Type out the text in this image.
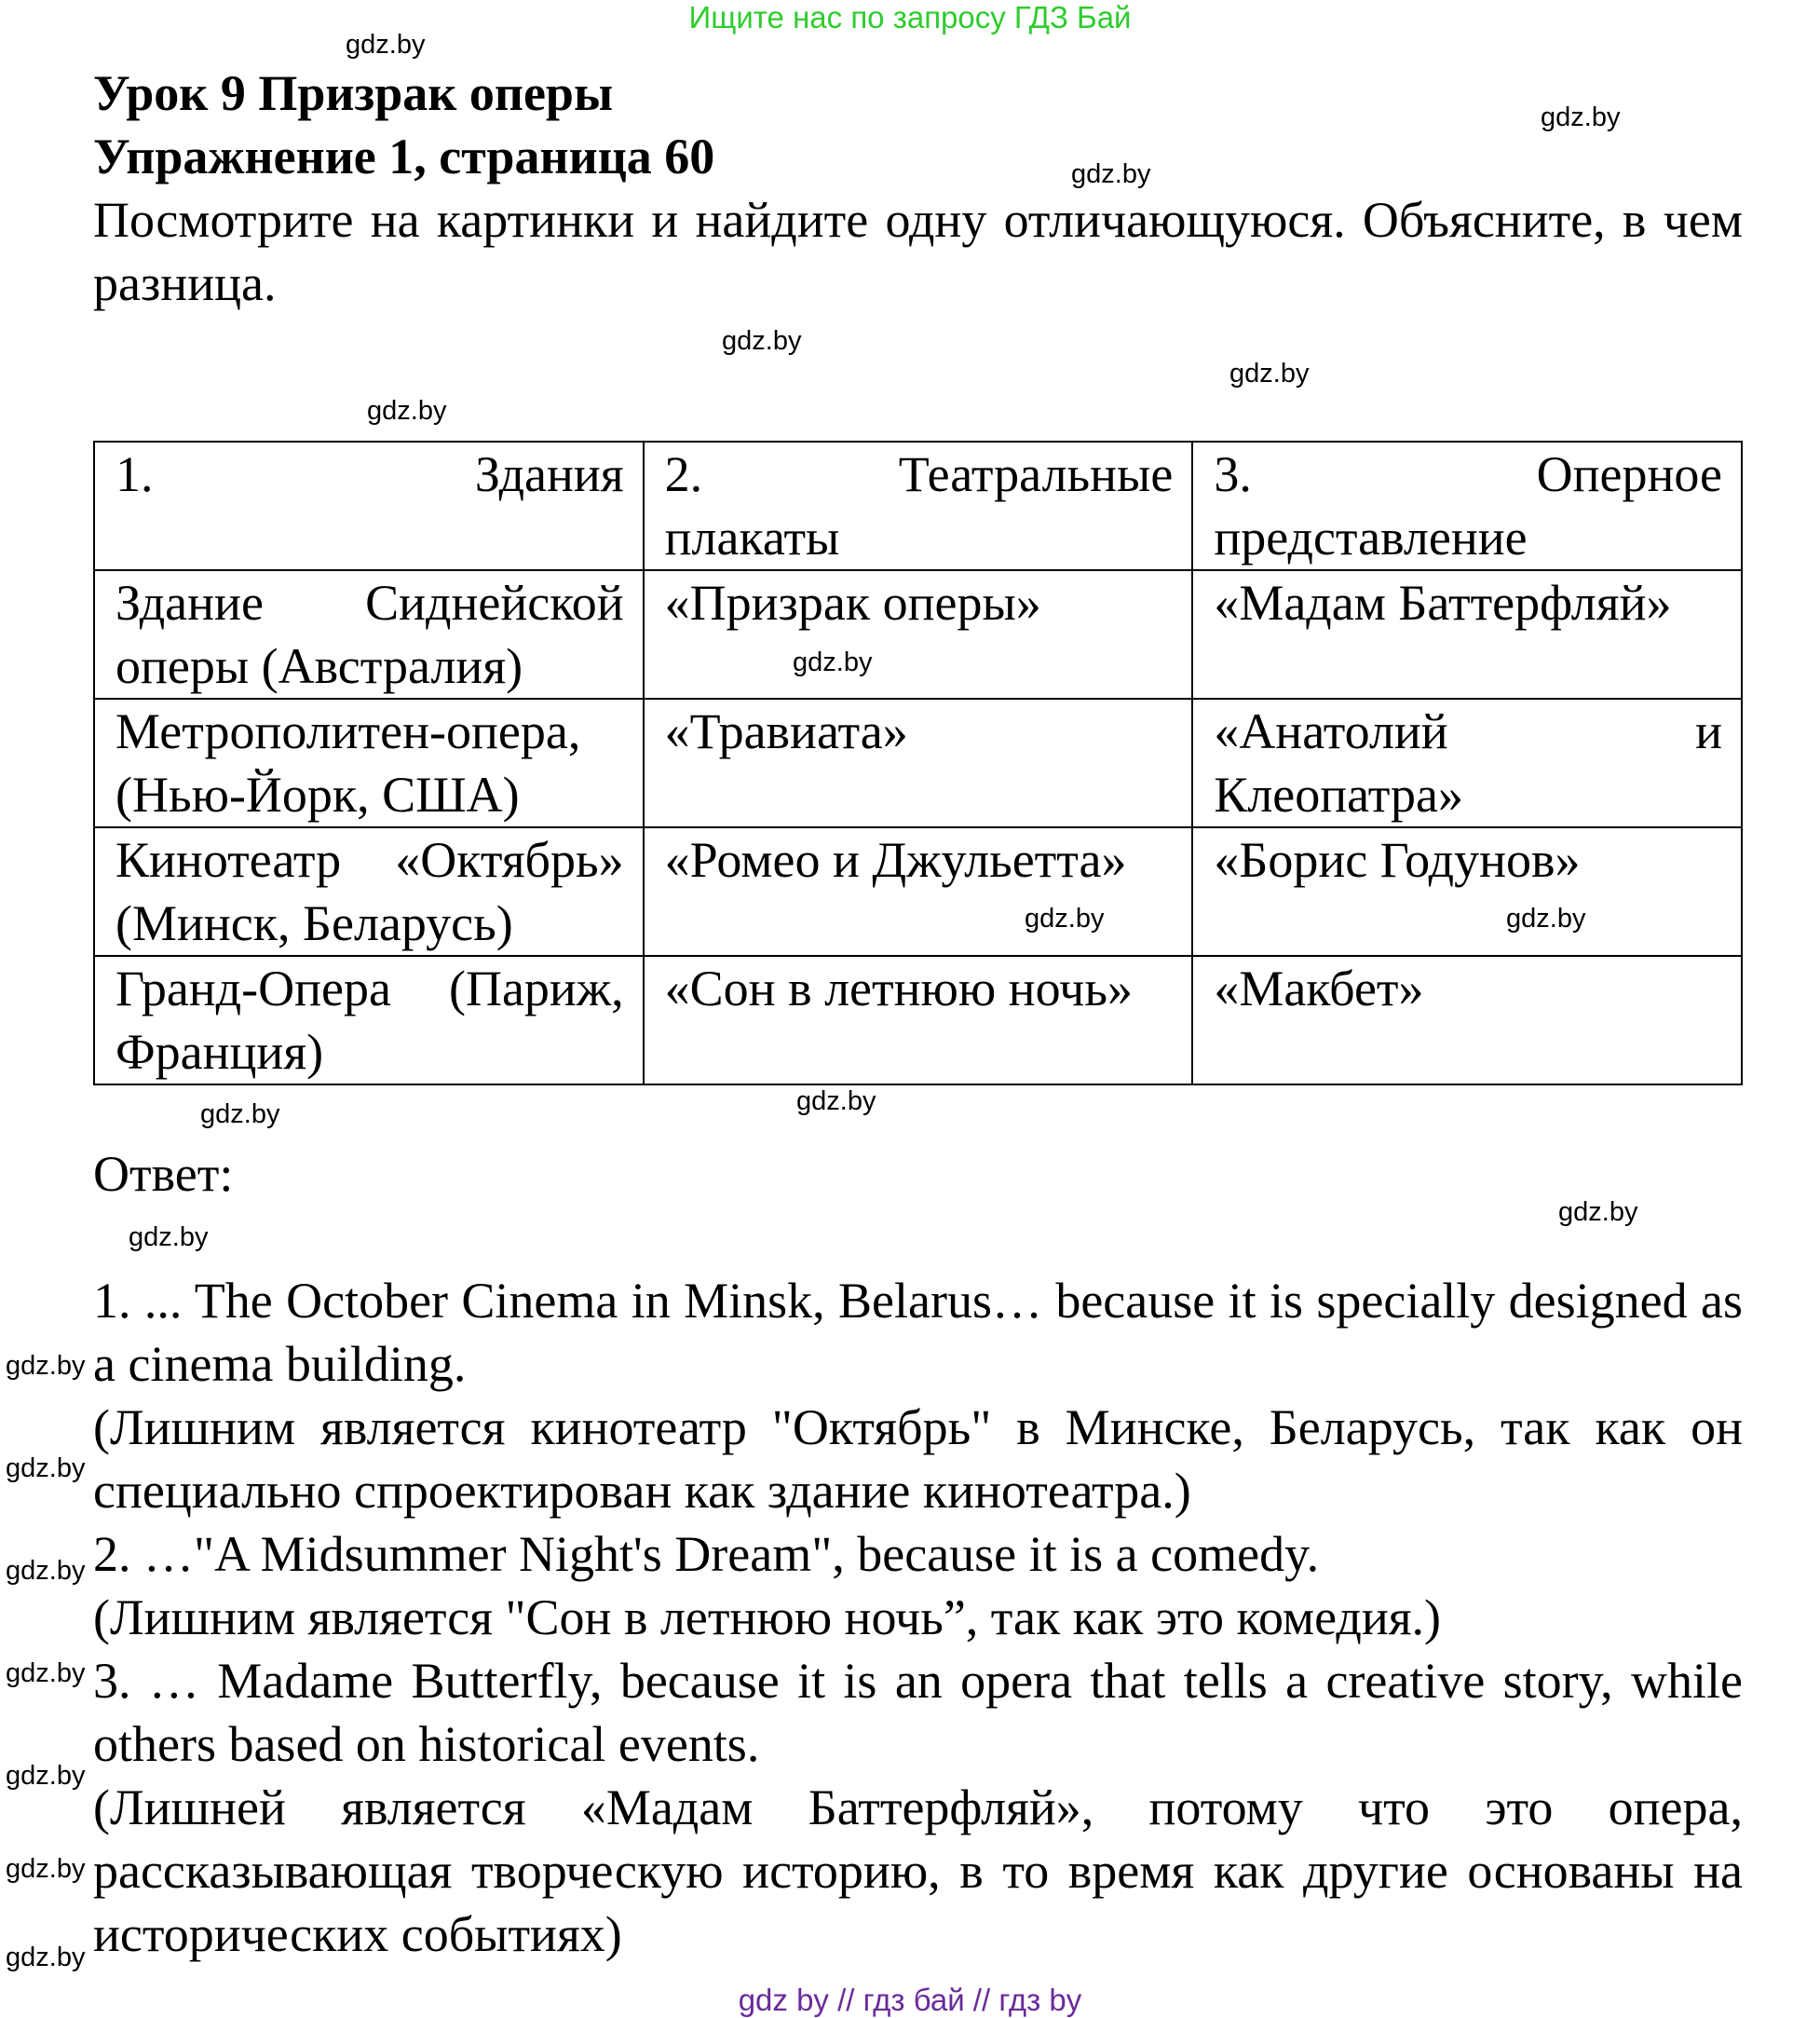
Ищите нас по запросу ГДЗ Бай
Урок 9 Призрак оперы
Упражнение 1, страница 60

Посмотрите на картинки и найдите одну отличающуюся. Объясните, в чем разница.

1. Здания	2. Театральные плакаты	3. Оперное представление
Здание Сиднейской оперы (Австралия)	«Призрак оперы»	«Мадам Баттерфляй»
Метрополитен-опера, (Нью-Йорк, США)	«Травиата»	«Анатолий и Клеопатра»
Кинотеатр «Октябрь» (Минск, Беларусь)	«Ромео и Джульетта»	«Борис Годунов»
Гранд-Опера (Париж, Франция)	«Сон в летнюю ночь»	«Макбет»
Ответ:

1. ... The October Cinema in Minsk, Belarus… because it is specially designed as a cinema building.

(Лишним является кинотеатр "Октябрь" в Минске, Беларусь, так как он специально спроектирован как здание кинотеатра.)

2. …"A Midsummer Night's Dream", because it is a comedy.

(Лишним является "Сон в летнюю ночь”, так как это комедия.)

3. … Madame Butterfly, because it is an opera that tells a creative story, while others based on historical events.

(Лишней является «Мадам Баттерфляй», потому что это опера, рассказывающая творческую историю, в то время как другие основаны на исторических событиях)

gdz.by
gdz.by
gdz.by
gdz.by
gdz.by
gdz.by
gdz.by
gdz.by
gdz.by
gdz.by
gdz.by
gdz.by
gdz.by
gdz.by
gdz.by
gdz.by
gdz.by
gdz.by
gdz.by
gdz.by
gdz by // гдз бай // гдз by
